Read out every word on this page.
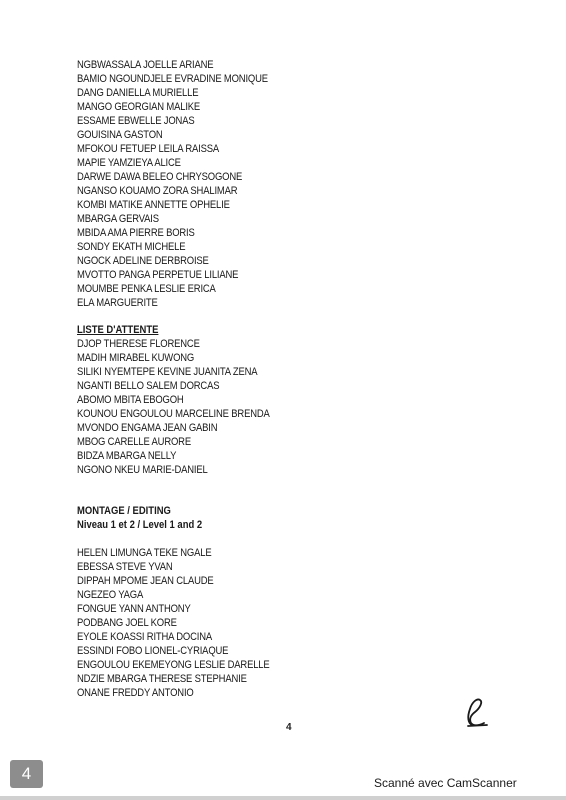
NGBWASSALA JOELLE ARIANE
BAMIO NGOUNDJELE EVRADINE MONIQUE
DANG DANIELLA MURIELLE
MANGO GEORGIAN MALIKE
ESSAME EBWELLE JONAS
GOUISINA GASTON
MFOKOU FETUEP LEILA RAISSA
MAPIE YAMZIEYA ALICE
DARWE DAWA BELEO CHRYSOGONE
NGANSO KOUAMO ZORA SHALIMAR
KOMBI MATIKE ANNETTE OPHELIE
MBARGA GERVAIS
MBIDA AMA PIERRE BORIS
SONDY EKATH MICHELE
NGOCK ADELINE DERBROISE
MVOTTO PANGA PERPETUE LILIANE
MOUMBE PENKA LESLIE ERICA
ELA MARGUERITE
LISTE D'ATTENTE
DJOP THERESE FLORENCE
MADIH MIRABEL KUWONG
SILIKI NYEMTEPE KEVINE JUANITA ZENA
NGANTI BELLO SALEM DORCAS
ABOMO MBITA EBOGOH
KOUNOU ENGOULOU MARCELINE BRENDA
MVONDO ENGAMA JEAN GABIN
MBOG CARELLE AURORE
BIDZA MBARGA NELLY
NGONO NKEU MARIE-DANIEL
MONTAGE / EDITING
Niveau 1 et 2 / Level 1 and 2
HELEN LIMUNGA TEKE NGALE
EBESSA STEVE YVAN
DIPPAH MPOME JEAN CLAUDE
NGEZEO YAGA
FONGUE YANN ANTHONY
PODBANG JOEL KORE
EYOLE KOASSI RITHA DOCINA
ESSINDI FOBO LIONEL-CYRIAQUE
ENGOULOU EKEMEYONG LESLIE DARELLE
NDZIE MBARGA THERESE STEPHANIE
ONANE FREDDY ANTONIO
4
4	Scanné avec CamScanner
